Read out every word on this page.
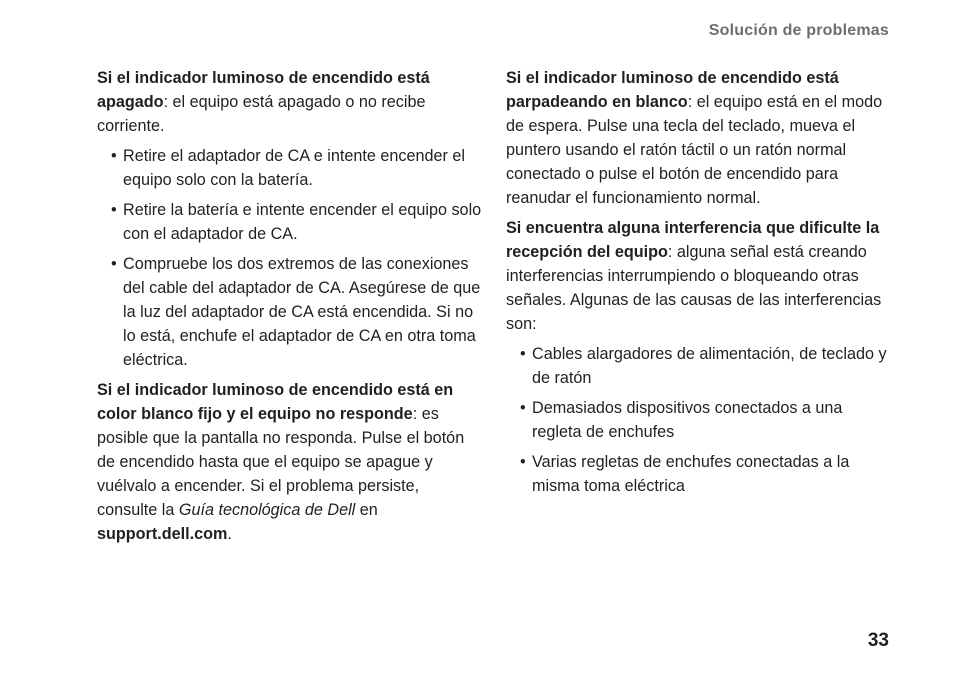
Solución de problemas

Si el indicador luminoso de encendido está apagado: el equipo está apagado o no recibe corriente.

• Retire el adaptador de CA e intente encender el equipo solo con la batería.
• Retire la batería e intente encender el equipo solo con el adaptador de CA.
• Compruebe los dos extremos de las conexiones del cable del adaptador de CA. Asegúrese de que la luz del adaptador de CA está encendida. Si no lo está, enchufe el adaptador de CA en otra toma eléctrica.

Si el indicador luminoso de encendido está en color blanco fijo y el equipo no responde: es posible que la pantalla no responda. Pulse el botón de encendido hasta que el equipo se apague y vuélvalo a encender. Si el problema persiste, consulte la Guía tecnológica de Dell en support.dell.com.

Si el indicador luminoso de encendido está parpadeando en blanco: el equipo está en el modo de espera. Pulse una tecla del teclado, mueva el puntero usando el ratón táctil o un ratón normal conectado o pulse el botón de encendido para reanudar el funcionamiento normal.

Si encuentra alguna interferencia que dificulte la recepción del equipo: alguna señal está creando interferencias interrumpiendo o bloqueando otras señales. Algunas de las causas de las interferencias son:

• Cables alargadores de alimentación, de teclado y de ratón
• Demasiados dispositivos conectados a una regleta de enchufes
• Varias regletas de enchufes conectadas a la misma toma eléctrica
33
